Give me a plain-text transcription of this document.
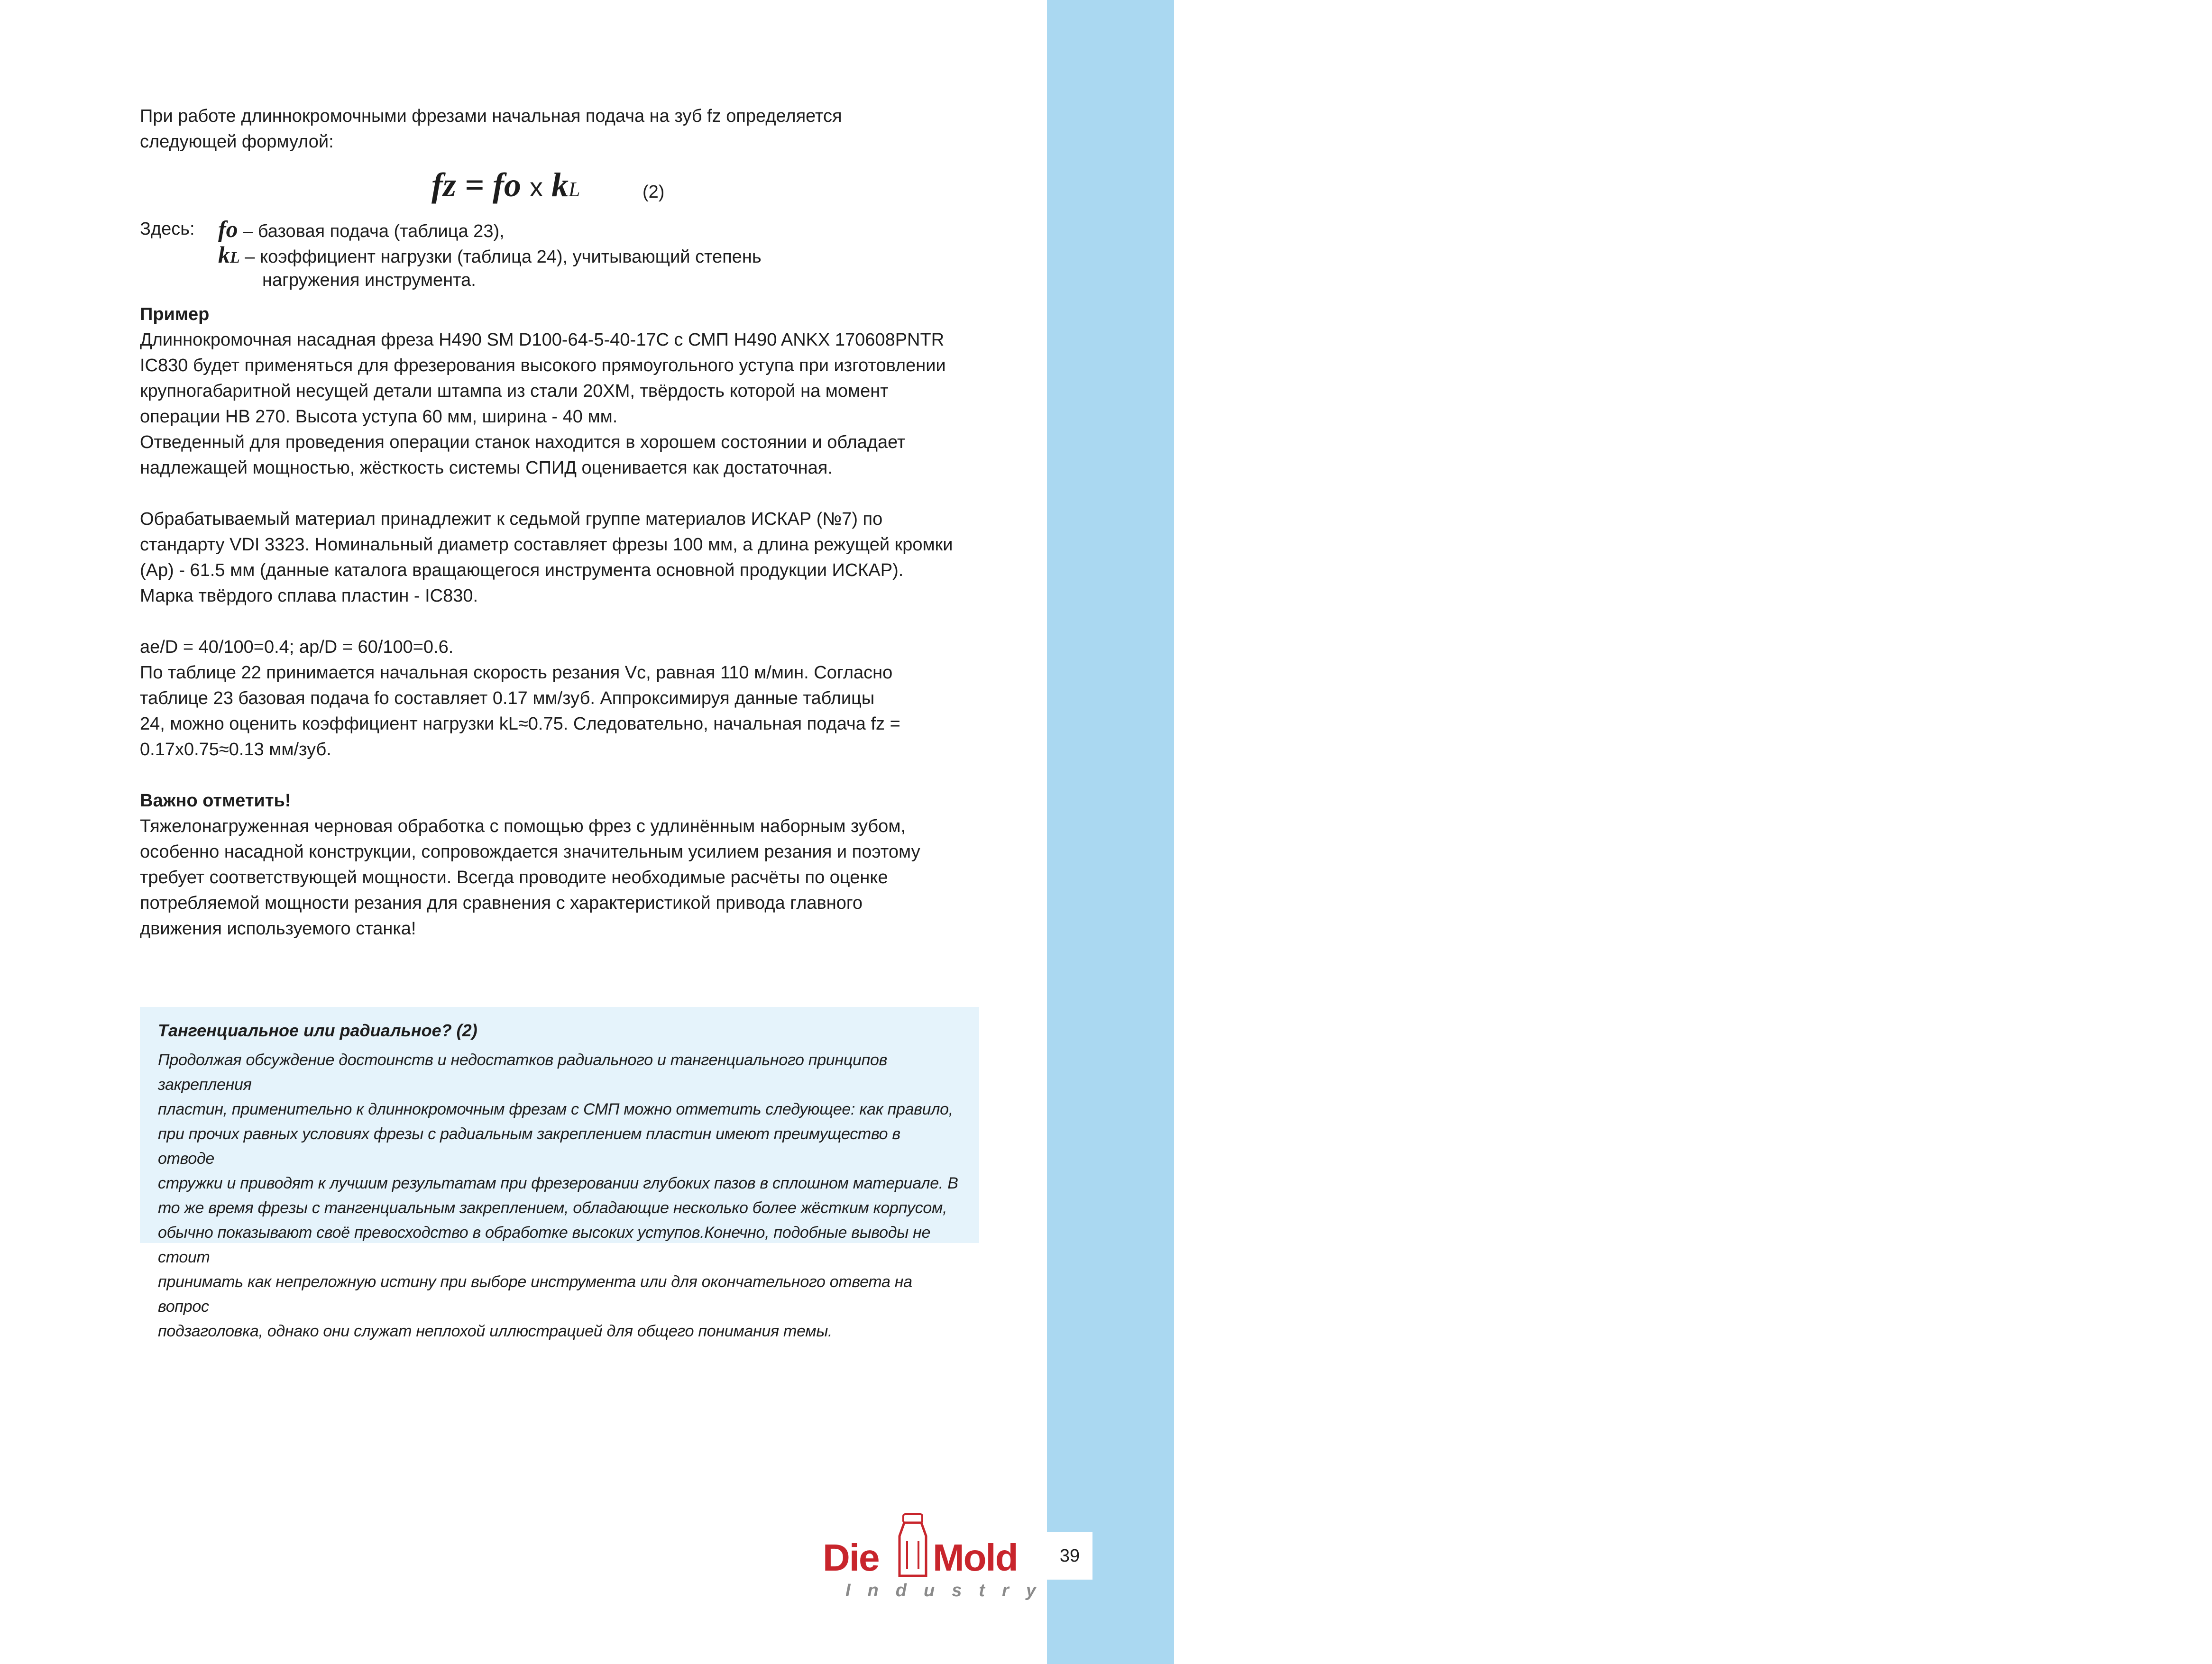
Фрезы

При работе длиннокромочными фрезами начальная подача на зуб fz определяется

следующей формулой:

fz = fo x kL	(2)
Здесь: fo – базовая подача (таблица 23),
kL – коэффициент нагрузки (таблица 24), учитывающий степень
нагружения инструмента.

Пример

Длиннокромочная насадная фреза H490 SM D100-64-5-40-17C с СМП H490 ANKX 170608PNTR

IC830 будет применяться для фрезерования высокого прямоугольного уступа при изготовлении

крупногабаритной несущей детали штампа из стали 20ХМ, твёрдость которой на момент

операции НВ 270. Высота уступа 60 мм, ширина - 40 мм.

Отведенный для проведения операции станок находится в хорошем состоянии и обладает

надлежащей мощностью, жёсткость системы СПИД оценивается как достаточная.

Обрабатываемый материал принадлежит к седьмой группе материалов ИСКАР (№7) по

стандарту VDI 3323. Номинальный диаметр составляет фрезы 100 мм, а длина режущей кромки

(Ap) - 61.5 мм (данные каталога вращающегося инструмента основной продукции ИСКАР).

Марка твёрдого сплава пластин - IC830.

ae/D = 40/100=0.4; ap/D = 60/100=0.6.

По таблице 22 принимается начальная скорость резания Vc, равная 110 м/мин. Согласно

таблице 23 базовая подача fo составляет 0.17 мм/зуб. Аппроксимируя данные таблицы

24, можно оценить коэффициент нагрузки kL≈0.75. Следовательно, начальная подача fz =

0.17x0.75≈0.13 мм/зуб.

Важно отметить!

Тяжелонагруженная черновая обработка с помощью фрез с удлинённым наборным зубом,

особенно насадной конструкции, сопровождается значительным усилием резания и поэтому

требует соответствующей мощности. Всегда проводите необходимые расчёты по оценке

потребляемой мощности резания для сравнения с характеристикой привода главного

движения используемого станка!

Тангенциальное или радиальное? (2)
Продолжая обсуждение достоинств и недостатков радиального и тангенциального принципов закрепления
пластин, применительно к длиннокромочным фрезам с СМП можно отметить следующее: как правило,
при прочих равных условиях фрезы с радиальным закреплением пластин имеют преимущество в отводе
стружки и приводят к лучшим результатам при фрезеровании глубоких пазов в сплошном материале. В
то же время фрезы с тангенциальным закреплением, обладающие несколько более жёстким корпусом,
обычно показывают своё превосходство в обработке высоких уступов.Конечно, подобные выводы не стоит
принимать как непреложную истину при выборе инструмента или для окончательного ответа на вопрос
подзаголовка, однако они служат неплохой иллюстрацией для общего понимания темы.
Die Mold
Industry
39
